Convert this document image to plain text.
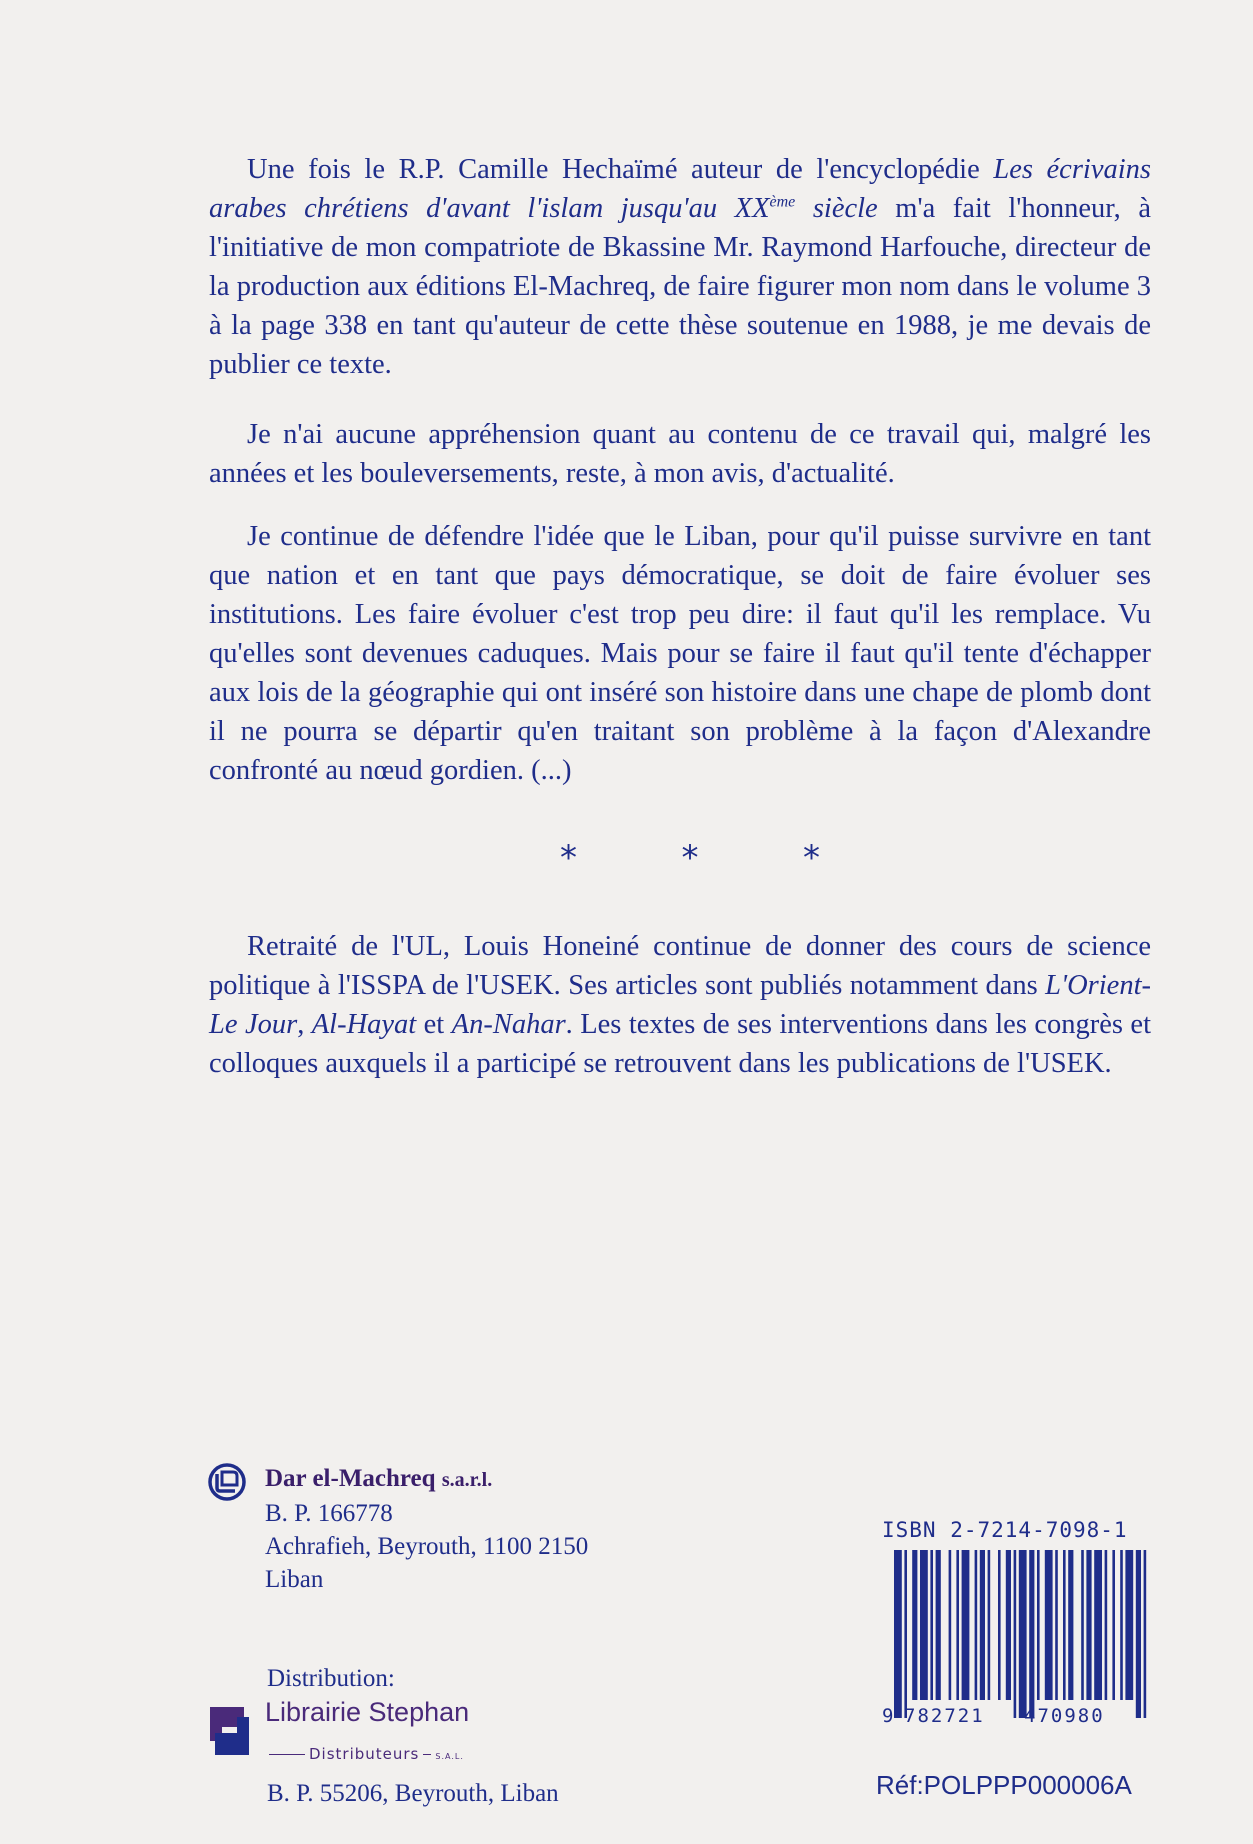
Une fois le R.P. Camille Hechaïmé auteur de l'encyclopédie Les écrivains arabes chrétiens d'avant l'islam jusqu'au XXème siècle m'a fait l'honneur, à l'initiative de mon compatriote de Bkassine Mr. Raymond Harfouche, directeur de la production aux éditions El-Machreq, de faire figurer mon nom dans le volume 3 à la page 338 en tant qu'auteur de cette thèse soutenue en 1988, je me devais de publier ce texte.

Je n'ai aucune appréhension quant au contenu de ce travail qui, malgré les années et les bouleversements, reste, à mon avis, d'actualité.

Je continue de défendre l'idée que le Liban, pour qu'il puisse survivre en tant que nation et en tant que pays démocratique, se doit de faire évoluer ses institutions. Les faire évoluer c'est trop peu dire: il faut qu'il les remplace. Vu qu'elles sont devenues caduques. Mais pour se faire il faut qu'il tente d'échapper aux lois de la géographie qui ont inséré son histoire dans une chape de plomb dont il ne pourra se départir qu'en traitant son problème à la façon d'Alexandre confronté au nœud gordien. (...)

*	*	*

Retraité de l'UL, Louis Honeiné continue de donner des cours de science politique à l'ISSPA de l'USEK. Ses articles sont publiés notamment dans L'Orient-Le Jour, Al-Hayat et An-Nahar. Les textes de ses interventions dans les congrès et colloques auxquels il a participé se retrouvent dans les publications de l'USEK.

Dar el-Machreq s.a.r.l.
B. P. 166778
Achrafieh, Beyrouth, 1100 2150
Liban
Distribution:
Librairie Stephan
Distributeurs S.A.L.
B. P. 55206, Beyrouth, Liban
ISBN 2-7214-7098-1
9 782721 470980
Réf:POLPPP000006A
